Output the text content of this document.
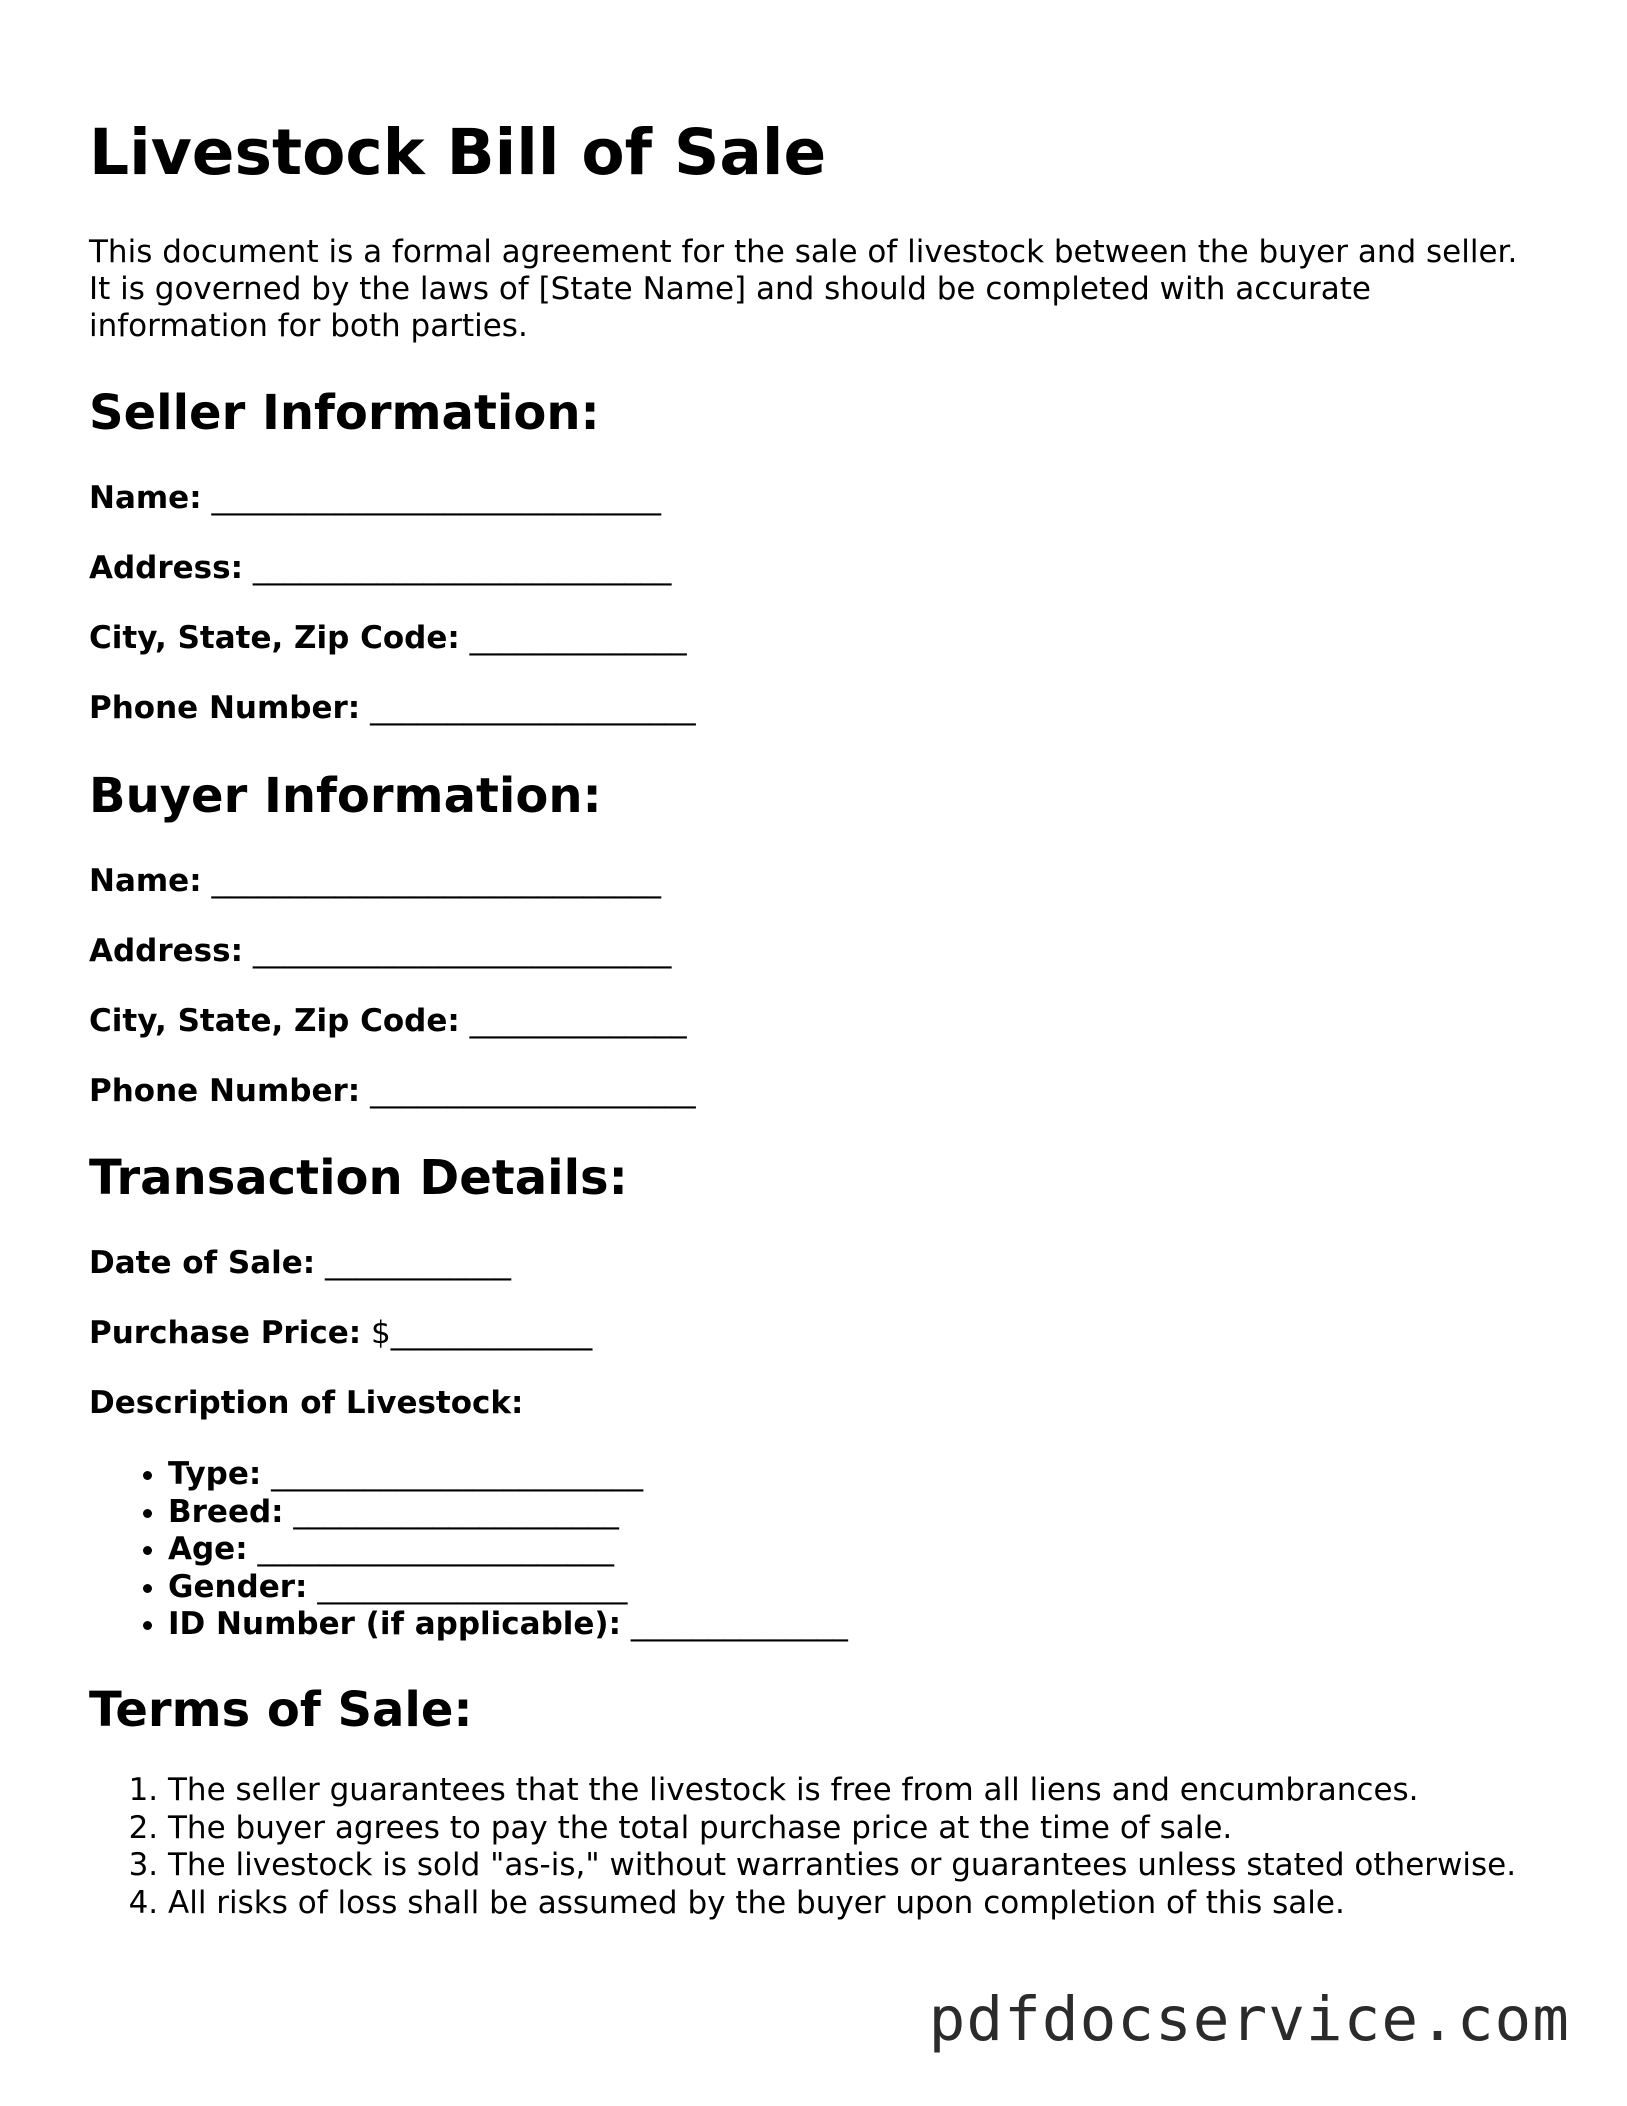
Livestock Bill of Sale

This document is a formal agreement for the sale of livestock between the buyer and seller. It is governed by the laws of [State Name] and should be completed with accurate information for both parties.

Seller Information:

Name: _____________________________

Address: ___________________________

City, State, Zip Code: ______________

Phone Number: _____________________

Buyer Information:

Name: _____________________________

Address: ___________________________

City, State, Zip Code: ______________

Phone Number: _____________________

Transaction Details:

Date of Sale: ____________

Purchase Price: $_____________

Description of Livestock:

• Type: ________________________
• Breed: _____________________
• Age: _______________________
• Gender: ____________________
• ID Number (if applicable): ______________
Terms of Sale:
1. The seller guarantees that the livestock is free from all liens and encumbrances.
2. The buyer agrees to pay the total purchase price at the time of sale.
3. The livestock is sold "as-is," without warranties or guarantees unless stated otherwise.
4. All risks of loss shall be assumed by the buyer upon completion of this sale.
pdfdocservice.com
